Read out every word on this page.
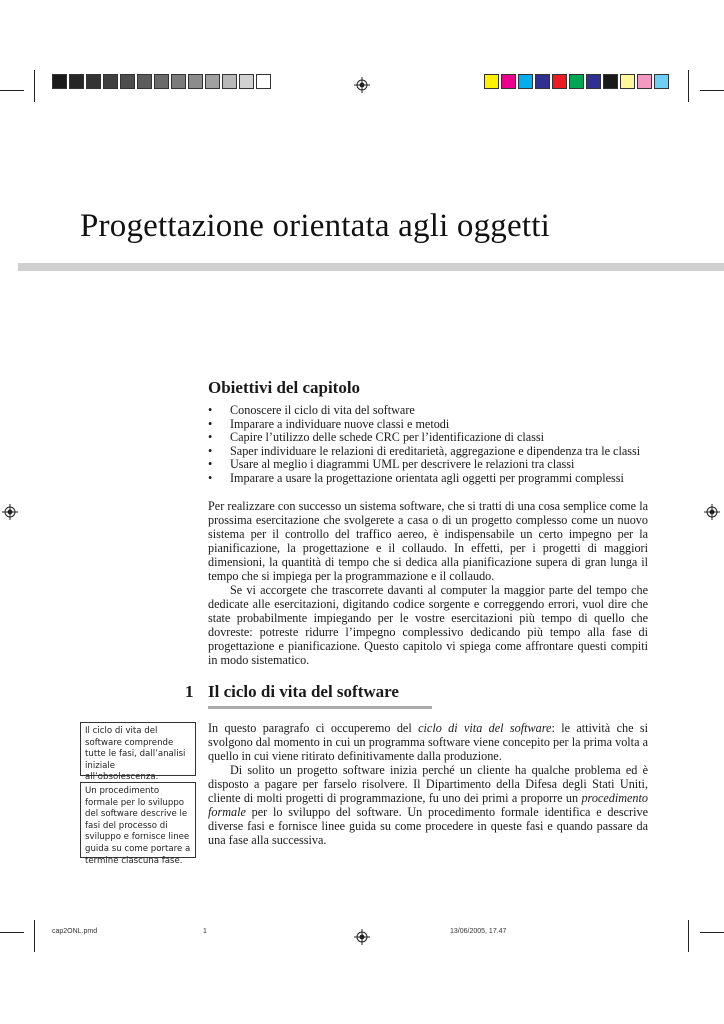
Progettazione orientata agli oggetti
Obiettivi del capitolo
• Conoscere il ciclo di vita del software
• Imparare a individuare nuove classi e metodi
• Capire l’utilizzo delle schede CRC per l’identificazione di classi
• Saper individuare le relazioni di ereditarietà, aggregazione e dipendenza tra le classi
• Usare al meglio i diagrammi UML per descrivere le relazioni tra classi
• Imparare a usare la progettazione orientata agli oggetti per programmi complessi

Per realizzare con successo un sistema software, che si tratti di una cosa semplice come la prossima esercitazione che svolgerete a casa o di un progetto complesso come un nuovo sistema per il controllo del traffico aereo, è indispensabile un certo impegno per la pianificazione, la progettazione e il collaudo. In effetti, per i progetti di maggiori dimensioni, la quantità di tempo che si dedica alla pianificazione supera di gran lunga il tempo che si impiega per la programmazione e il collaudo.

Se vi accorgete che trascorrete davanti al computer la maggior parte del tempo che dedicate alle esercitazioni, digitando codice sorgente e correggendo errori, vuol dire che state probabilmente impiegando per le vostre esercitazioni più tempo di quello che dovreste: potreste ridurre l’impegno complessivo dedicando più tempo alla fase di progettazione e pianificazione. Questo capitolo vi spiega come affrontare questi compiti in modo sistematico.

1 Il ciclo di vita del software

In questo paragrafo ci occuperemo del ciclo di vita del software: le attività che si svolgono dal momento in cui un programma software viene concepito per la prima volta a quello in cui viene ritirato definitivamente dalla produzione.

Di solito un progetto software inizia perché un cliente ha qualche problema ed è disposto a pagare per farselo risolvere. Il Dipartimento della Difesa degli Stati Uniti, cliente di molti progetti di programmazione, fu uno dei primi a proporre un procedimento formale per lo sviluppo del software. Un procedimento formale identifica e descrive diverse fasi e fornisce linee guida su come procedere in queste fasi e quando passare da una fase alla successiva.

Il ciclo di vita del software comprende tutte le fasi, dall’analisi iniziale all’obsolescenza.
Un procedimento formale per lo sviluppo del software descrive le fasi del processo di sviluppo e fornisce linee guida su come portare a termine ciascuna fase.
cap2ONL.pmd	1	13/06/2005, 17.47
